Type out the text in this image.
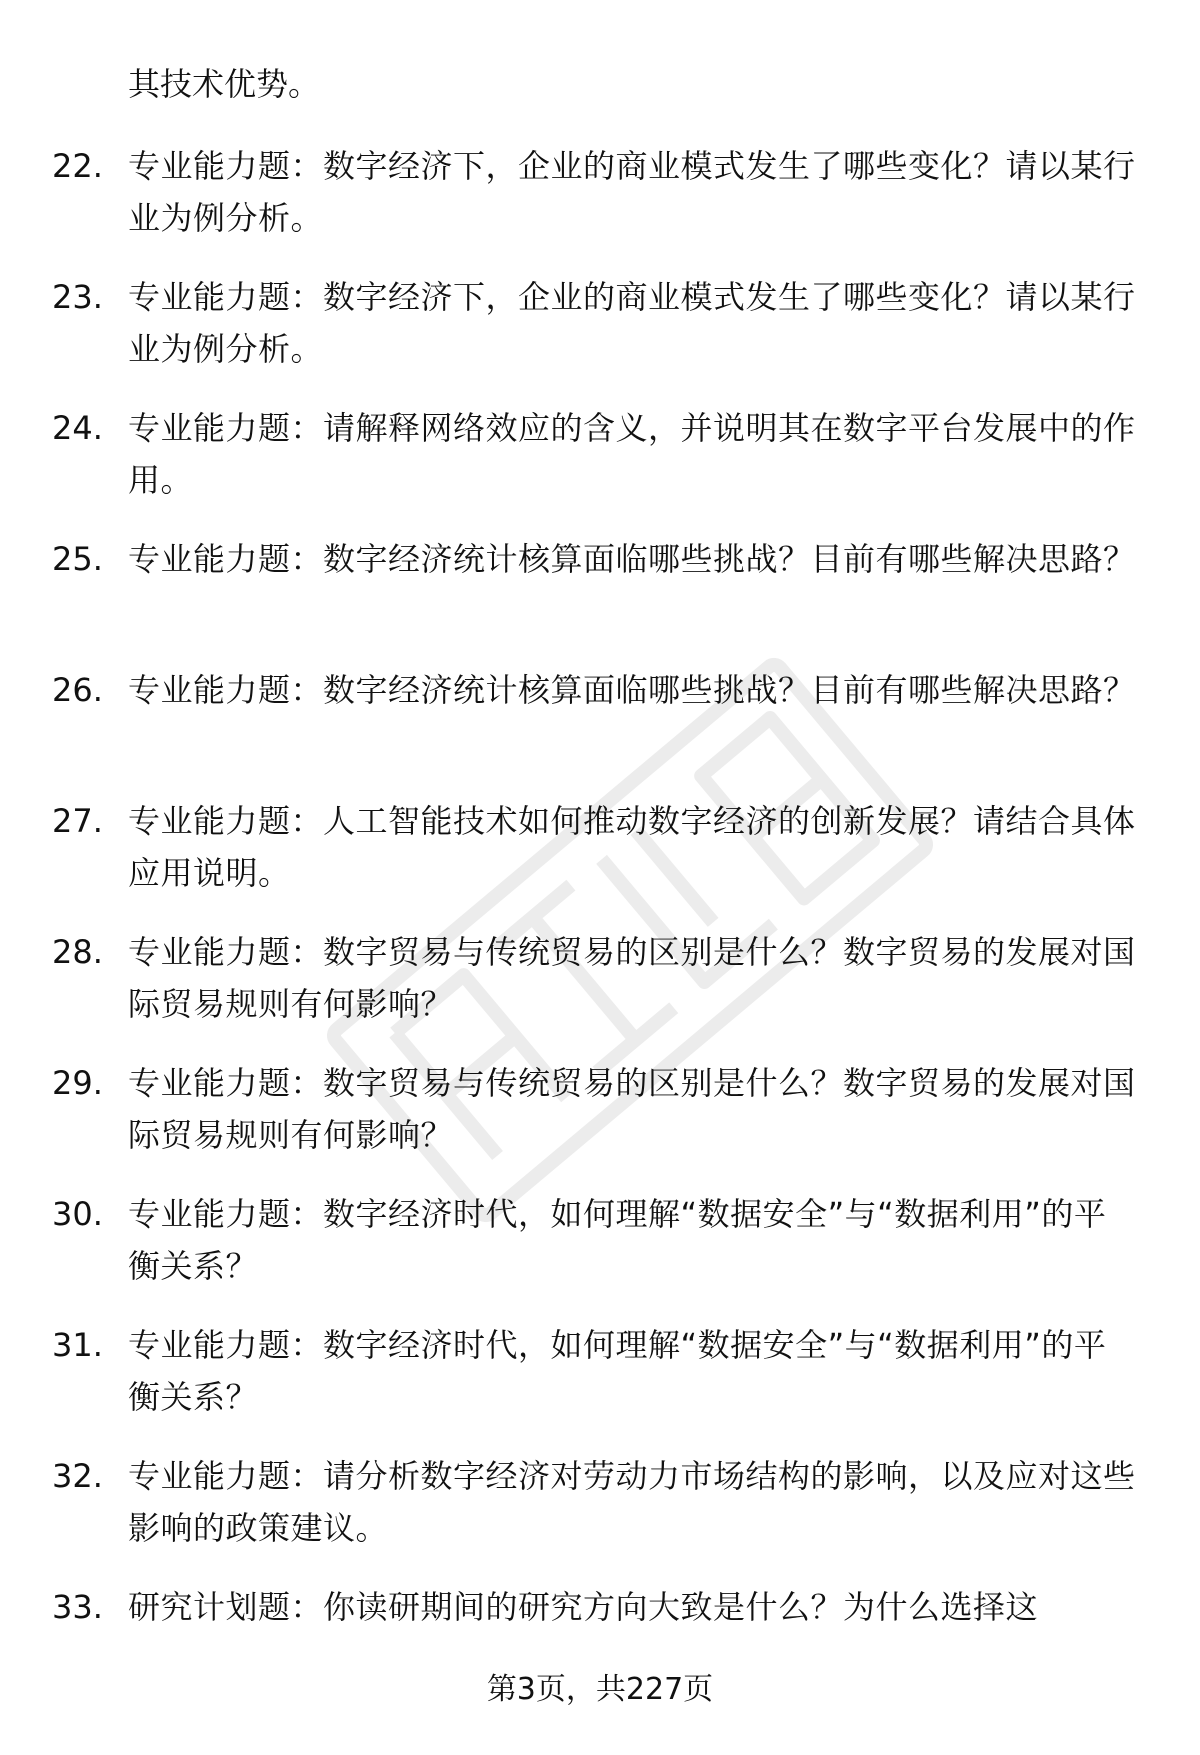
其技术优势。
22. 专业能力题：数字经济下，企业的商业模式发生了哪些变化？请以某行业为例分析。
23. 专业能力题：数字经济下，企业的商业模式发生了哪些变化？请以某行业为例分析。
24. 专业能力题：请解释网络效应的含义，并说明其在数字平台发展中的作用。
25. 专业能力题：数字经济统计核算面临哪些挑战？目前有哪些解决思路？
26. 专业能力题：数字经济统计核算面临哪些挑战？目前有哪些解决思路？
27. 专业能力题：人工智能技术如何推动数字经济的创新发展？请结合具体应用说明。
28. 专业能力题：数字贸易与传统贸易的区别是什么？数字贸易的发展对国际贸易规则有何影响？
29. 专业能力题：数字贸易与传统贸易的区别是什么？数字贸易的发展对国际贸易规则有何影响？
30. 专业能力题：数字经济时代，如何理解“数据安全”与“数据利用”的平衡关系？
31. 专业能力题：数字经济时代，如何理解“数据安全”与“数据利用”的平衡关系？
32. 专业能力题：请分析数字经济对劳动力市场结构的影响，以及应对这些影响的政策建议。
33. 研究计划题：你读研期间的研究方向大致是什么？为什么选择这
第3页，共227页
